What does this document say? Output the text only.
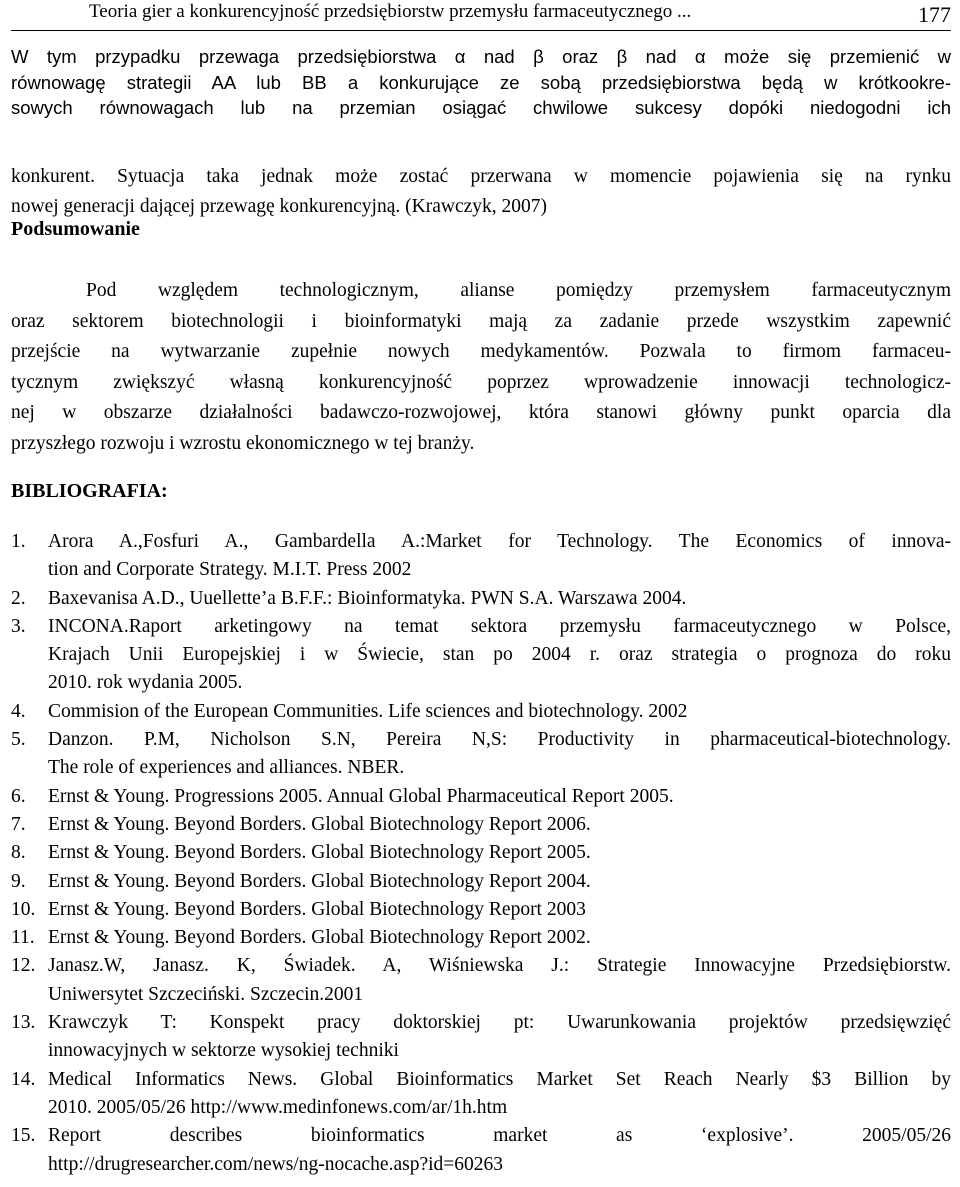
Teoria gier a konkurencyjność przedsiębiorstw przemysłu farmaceutycznego ...	177
W tym przypadku przewaga przedsiębiorstwa α nad β oraz β nad α może się przemienić w
równowagę strategii AA lub BB a konkurujące ze sobą przedsiębiorstwa będą w krótkookre-
sowych równowagach lub na przemian osiągać chwilowe sukcesy dopóki niedogodni ich
konkurent. Sytuacja taka jednak może zostać przerwana w momencie pojawienia się na rynku
nowej generacji dającej przewagę konkurencyjną. (Krawczyk, 2007)
Podsumowanie
Pod względem technologicznym, alianse pomiędzy przemysłem farmaceutycznym
oraz sektorem biotechnologii i bioinformatyki mają za zadanie przede wszystkim zapewnić
przejście na wytwarzanie zupełnie nowych medykamentów. Pozwala to firmom farmaceu-
tycznym zwiększyć własną konkurencyjność poprzez wprowadzenie innowacji technologicz-
nej w obszarze działalności badawczo-rozwojowej, która stanowi główny punkt oparcia dla
przyszłego rozwoju i wzrostu ekonomicznego w tej branży.
BIBLIOGRAFIA:
1. Arora A.,Fosfuri A., Gambardella A.:Market for Technology. The Economics of innova-
tion and Corporate Strategy. M.I.T. Press 2002
2. Baxevanisa A.D., Uuellette’a B.F.F.: Bioinformatyka. PWN S.A. Warszawa 2004.
3. INCONA.Raport arketingowy na temat sektora przemysłu farmaceutycznego w Polsce,
Krajach Unii Europejskiej i w Świecie, stan po 2004 r. oraz strategia o prognoza do roku
2010. rok wydania 2005.
4. Commision of the European Communities. Life sciences and biotechnology. 2002
5. Danzon. P.M, Nicholson S.N, Pereira N,S: Productivity in pharmaceutical-biotechnology.
The role of experiences and alliances. NBER.
6. Ernst & Young. Progressions 2005. Annual Global Pharmaceutical Report 2005.
7. Ernst & Young. Beyond Borders. Global Biotechnology Report 2006.
8. Ernst & Young. Beyond Borders. Global Biotechnology Report 2005.
9. Ernst & Young. Beyond Borders. Global Biotechnology Report 2004.
10. Ernst & Young. Beyond Borders. Global Biotechnology Report 2003
11. Ernst & Young. Beyond Borders. Global Biotechnology Report 2002.
12. Janasz.W, Janasz. K, Świadek. A, Wiśniewska J.: Strategie Innowacyjne Przedsiębiorstw.
Uniwersytet Szczeciński. Szczecin.2001
13. Krawczyk T: Konspekt pracy doktorskiej pt: Uwarunkowania projektów przedsięwzięć
innowacyjnych w sektorze wysokiej techniki
14. Medical Informatics News. Global Bioinformatics Market Set Reach Nearly $3 Billion by
2010. 2005/05/26 http://www.medinfonews.com/ar/1h.htm
15. Report describes bioinformatics market as ‘explosive’. 2005/05/26
http://drugresearcher.com/news/ng-nocache.asp?id=60263
